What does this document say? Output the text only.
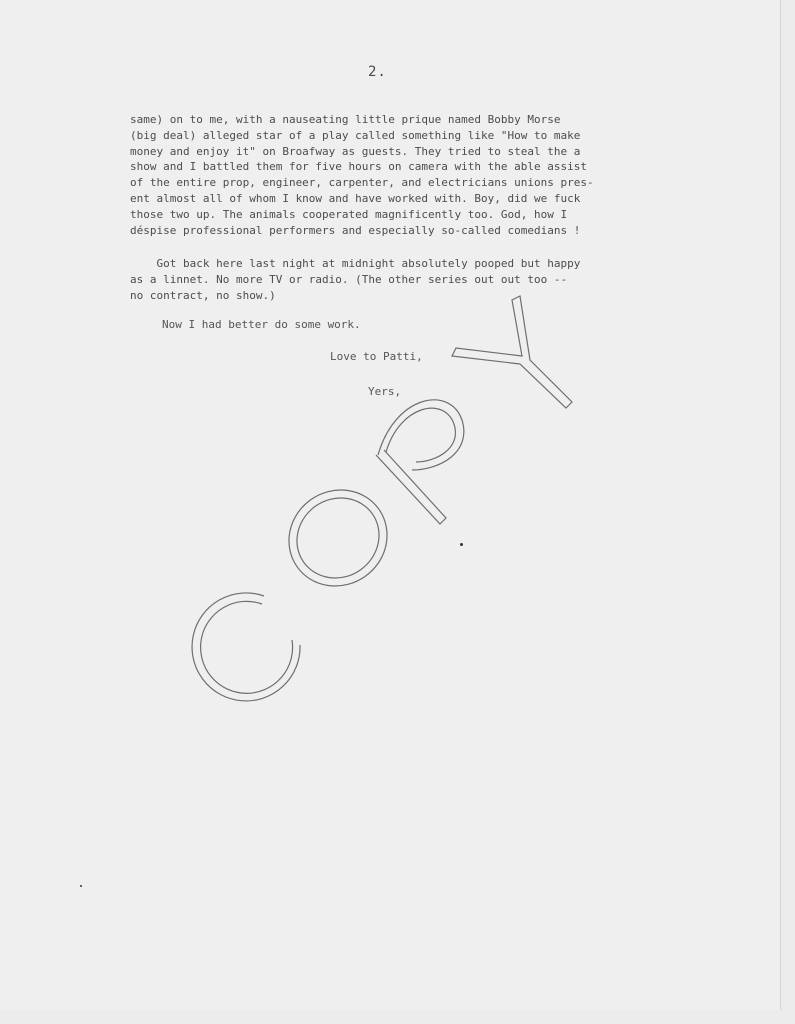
2.
same) on to me, with a nauseating little prique named Bobby Morse
(big deal) alleged star of a play called something like "How to make
money and enjoy it" on Broafway as guests. They tried to steal the a
show and I battled them for five hours on camera with the able assist
of the entire prop, engineer, carpenter, and electricians unions pres-
ent almost all of whom I know and have worked with. Boy, did we fuck
those two up. The animals cooperated magnificently too. God, how I
déspise professional performers and especially so-called comedians !
Got back here last night at midnight absolutely pooped but happy
as a linnet. No more TV or radio. (The other series out out too --
no contract, no show.)
Now I had better do some work.
Love to Patti,
Yers,
